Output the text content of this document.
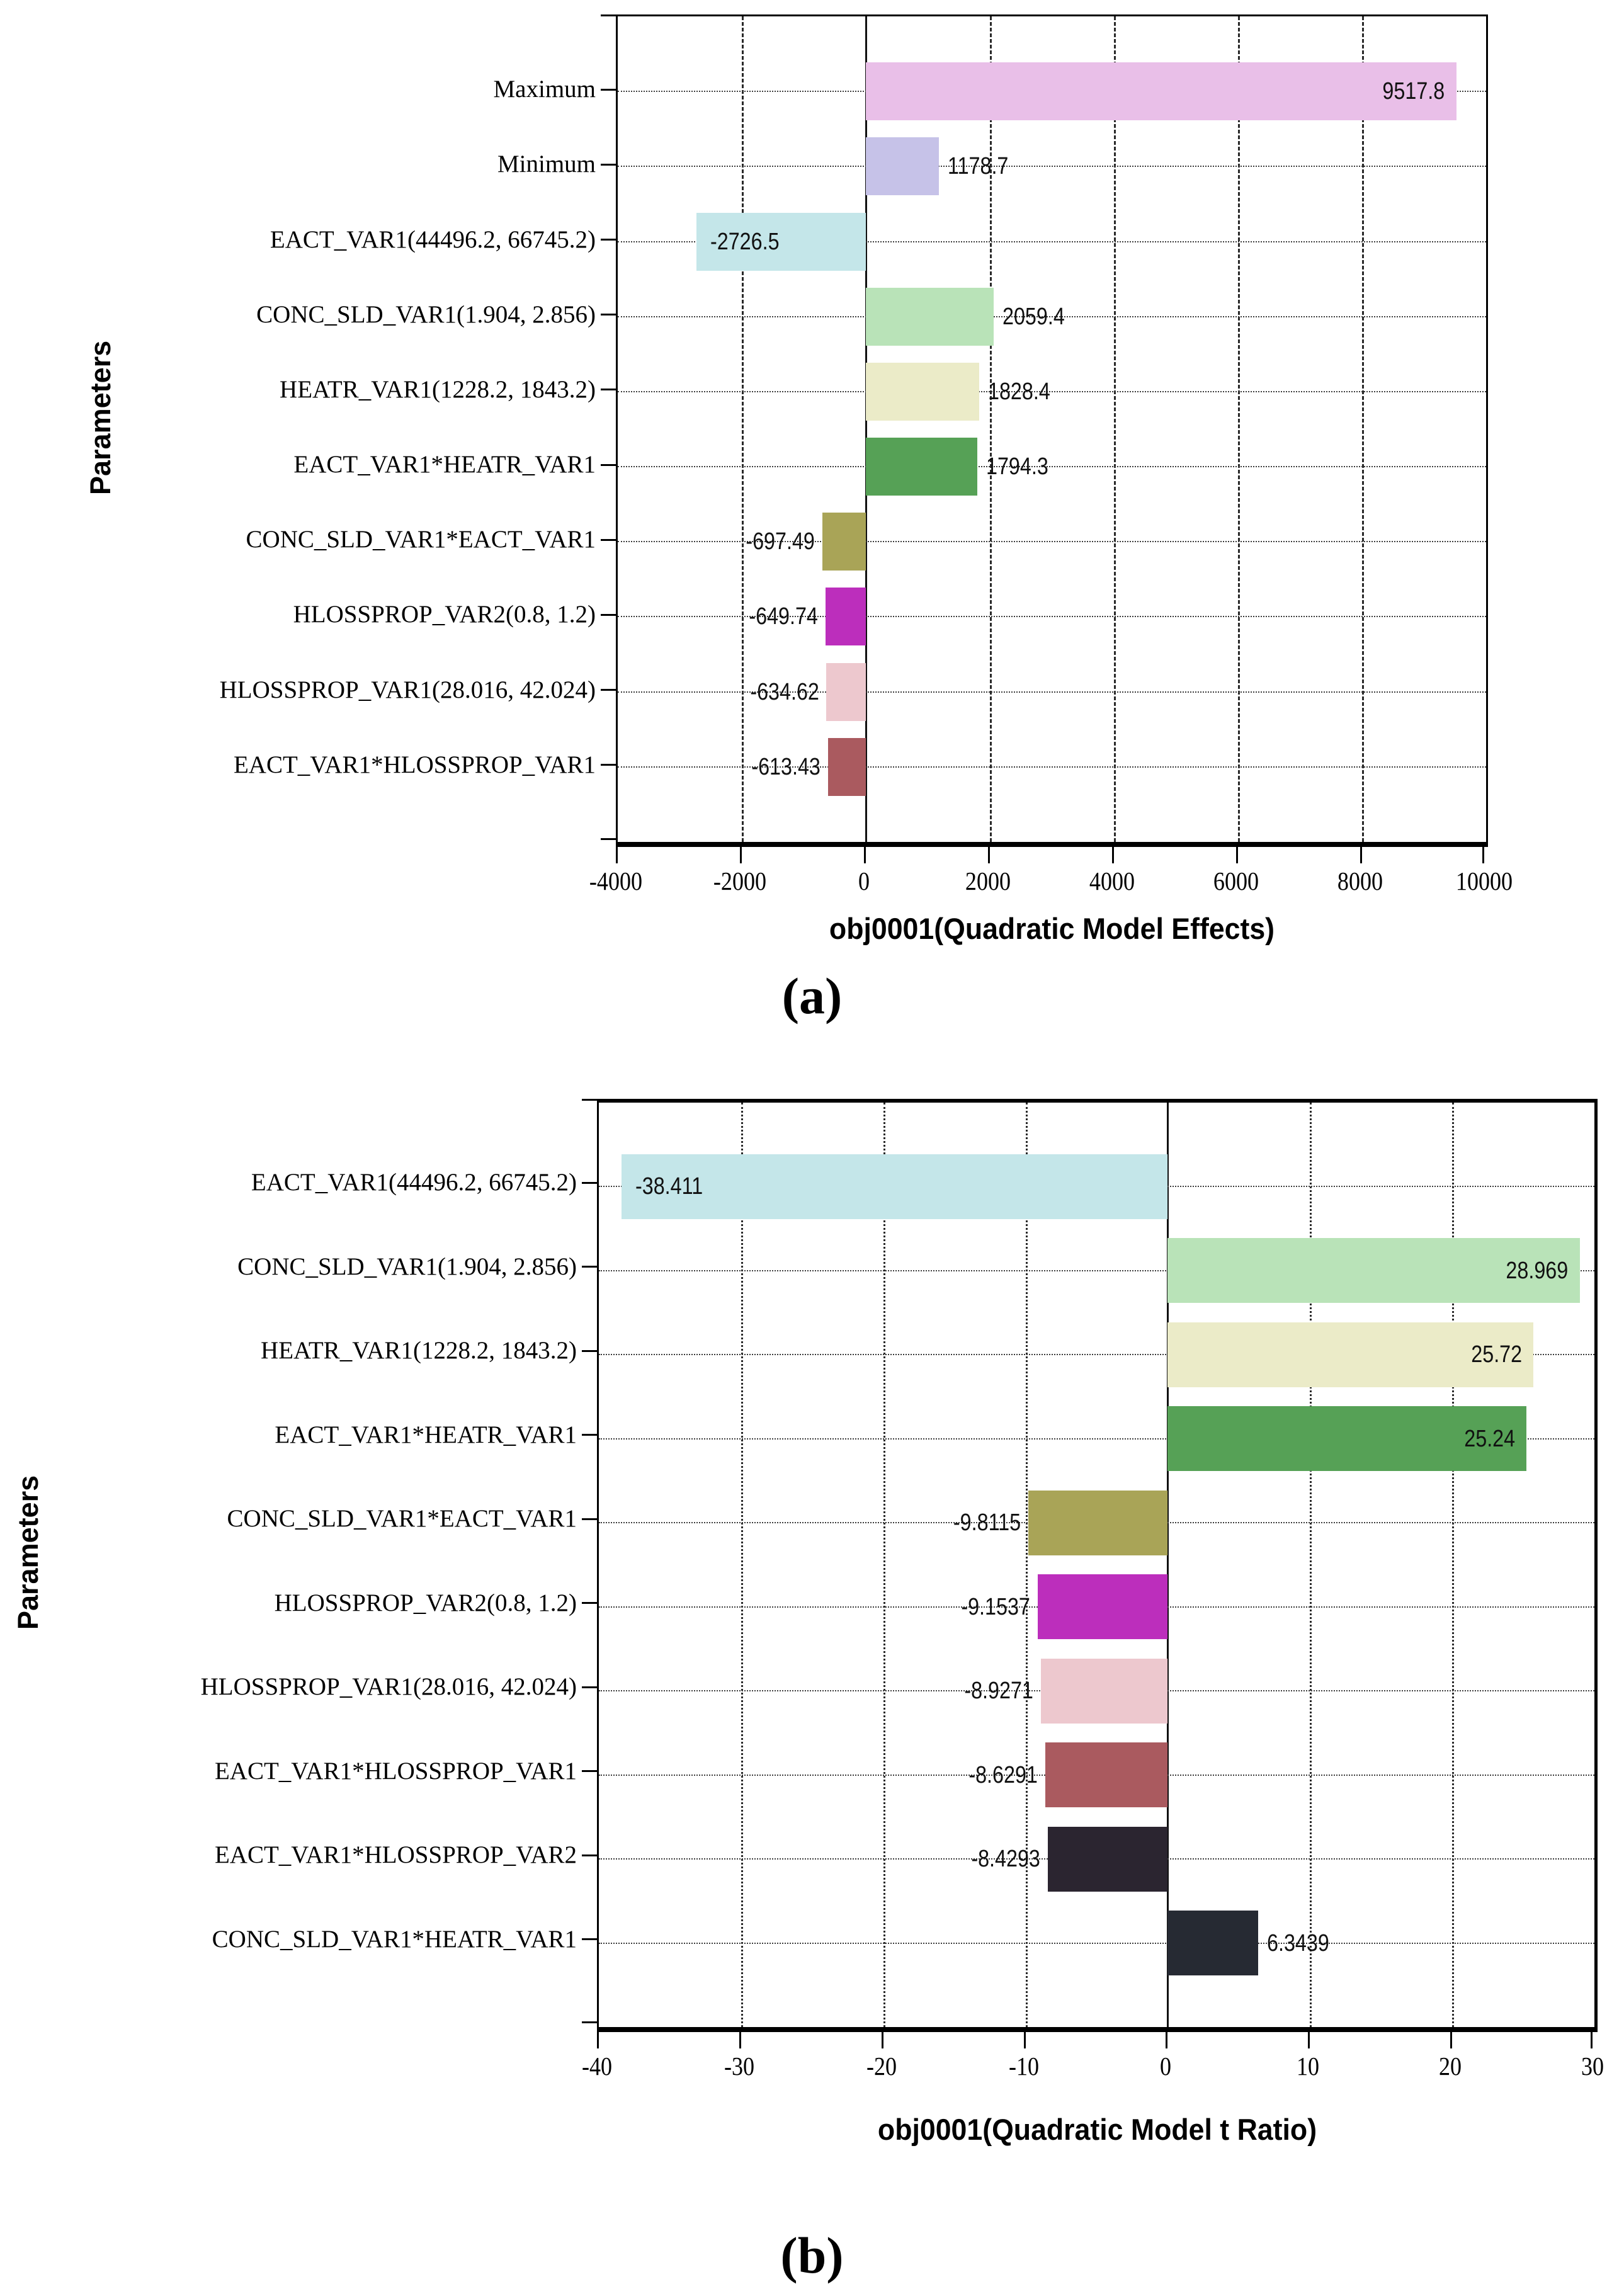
Parameters
Maximum
Minimum
EACT_VAR1(44496.2, 66745.2)
CONC_SLD_VAR1(1.904, 2.856)
HEATR_VAR1(1228.2, 1843.2)
EACT_VAR1*HEATR_VAR1
CONC_SLD_VAR1*EACT_VAR1
HLOSSPROP_VAR2(0.8, 1.2)
HLOSSPROP_VAR1(28.016, 42.024)
EACT_VAR1*HLOSSPROP_VAR1
9517.8
1178.7
-2726.5
2059.4
1828.4
1794.3
-697.49
-649.74
-634.62
-613.43
-4000	-2000	0	2000	4000	6000	8000	10000
obj0001(Quadratic Model Effects)
(a)
Parameters
EACT_VAR1(44496.2, 66745.2)
CONC_SLD_VAR1(1.904, 2.856)
HEATR_VAR1(1228.2, 1843.2)
EACT_VAR1*HEATR_VAR1
CONC_SLD_VAR1*EACT_VAR1
HLOSSPROP_VAR2(0.8, 1.2)
HLOSSPROP_VAR1(28.016, 42.024)
EACT_VAR1*HLOSSPROP_VAR1
EACT_VAR1*HLOSSPROP_VAR2
CONC_SLD_VAR1*HEATR_VAR1
-38.411
28.969
25.72
25.24
-9.8115
-9.1537
-8.9271
-8.6291
-8.4293
6.3439
-40	-30	-20	-10	0	10	20	30
obj0001(Quadratic Model t Ratio)
(b)
